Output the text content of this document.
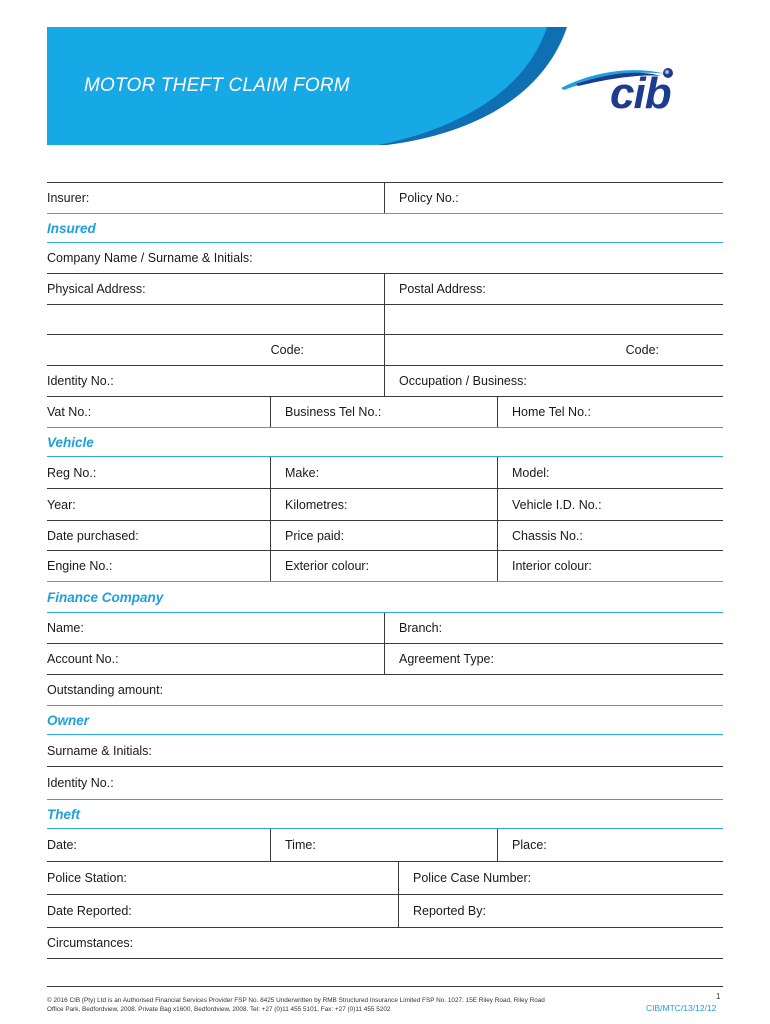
MOTOR THEFT CLAIM FORM	cib
Insurer:	Policy No.:
Insured
Company Name / Surname & Initials:
Physical Address:	Postal Address:
Code:	Code:
Identity No.:	Occupation / Business:
Vat No.:	Business Tel No.:	Home Tel No.:
Vehicle
Reg No.:	Make:	Model:
Year:	Kilometres:	Vehicle I.D. No.:
Date purchased:	Price paid:	Chassis No.:
Engine No.:	Exterior colour:	Interior colour:
Finance Company
Name:	Branch:
Account No.:	Agreement Type:
Outstanding amount:
Owner
Surname & Initials:
Identity No.:
Theft
Date:	Time:	Place:
Police Station:	Police Case Number:
Date Reported:	Reported By:
Circumstances:
© 2016 CIB (Pty) Ltd is an Authorised Financial Services Provider FSP No. 8425 Underwritten by RMB Structured Insurance Limited FSP No. 1027. 15E Riley Road, Riley Road Office Park, Bedfordview, 2008. Private Bag x1600, Bedfordview, 2008. Tel: +27 (0)11 455 5101, Fax: +27 (0)11 455 5202
1
CIB/MTC/13/12/12
